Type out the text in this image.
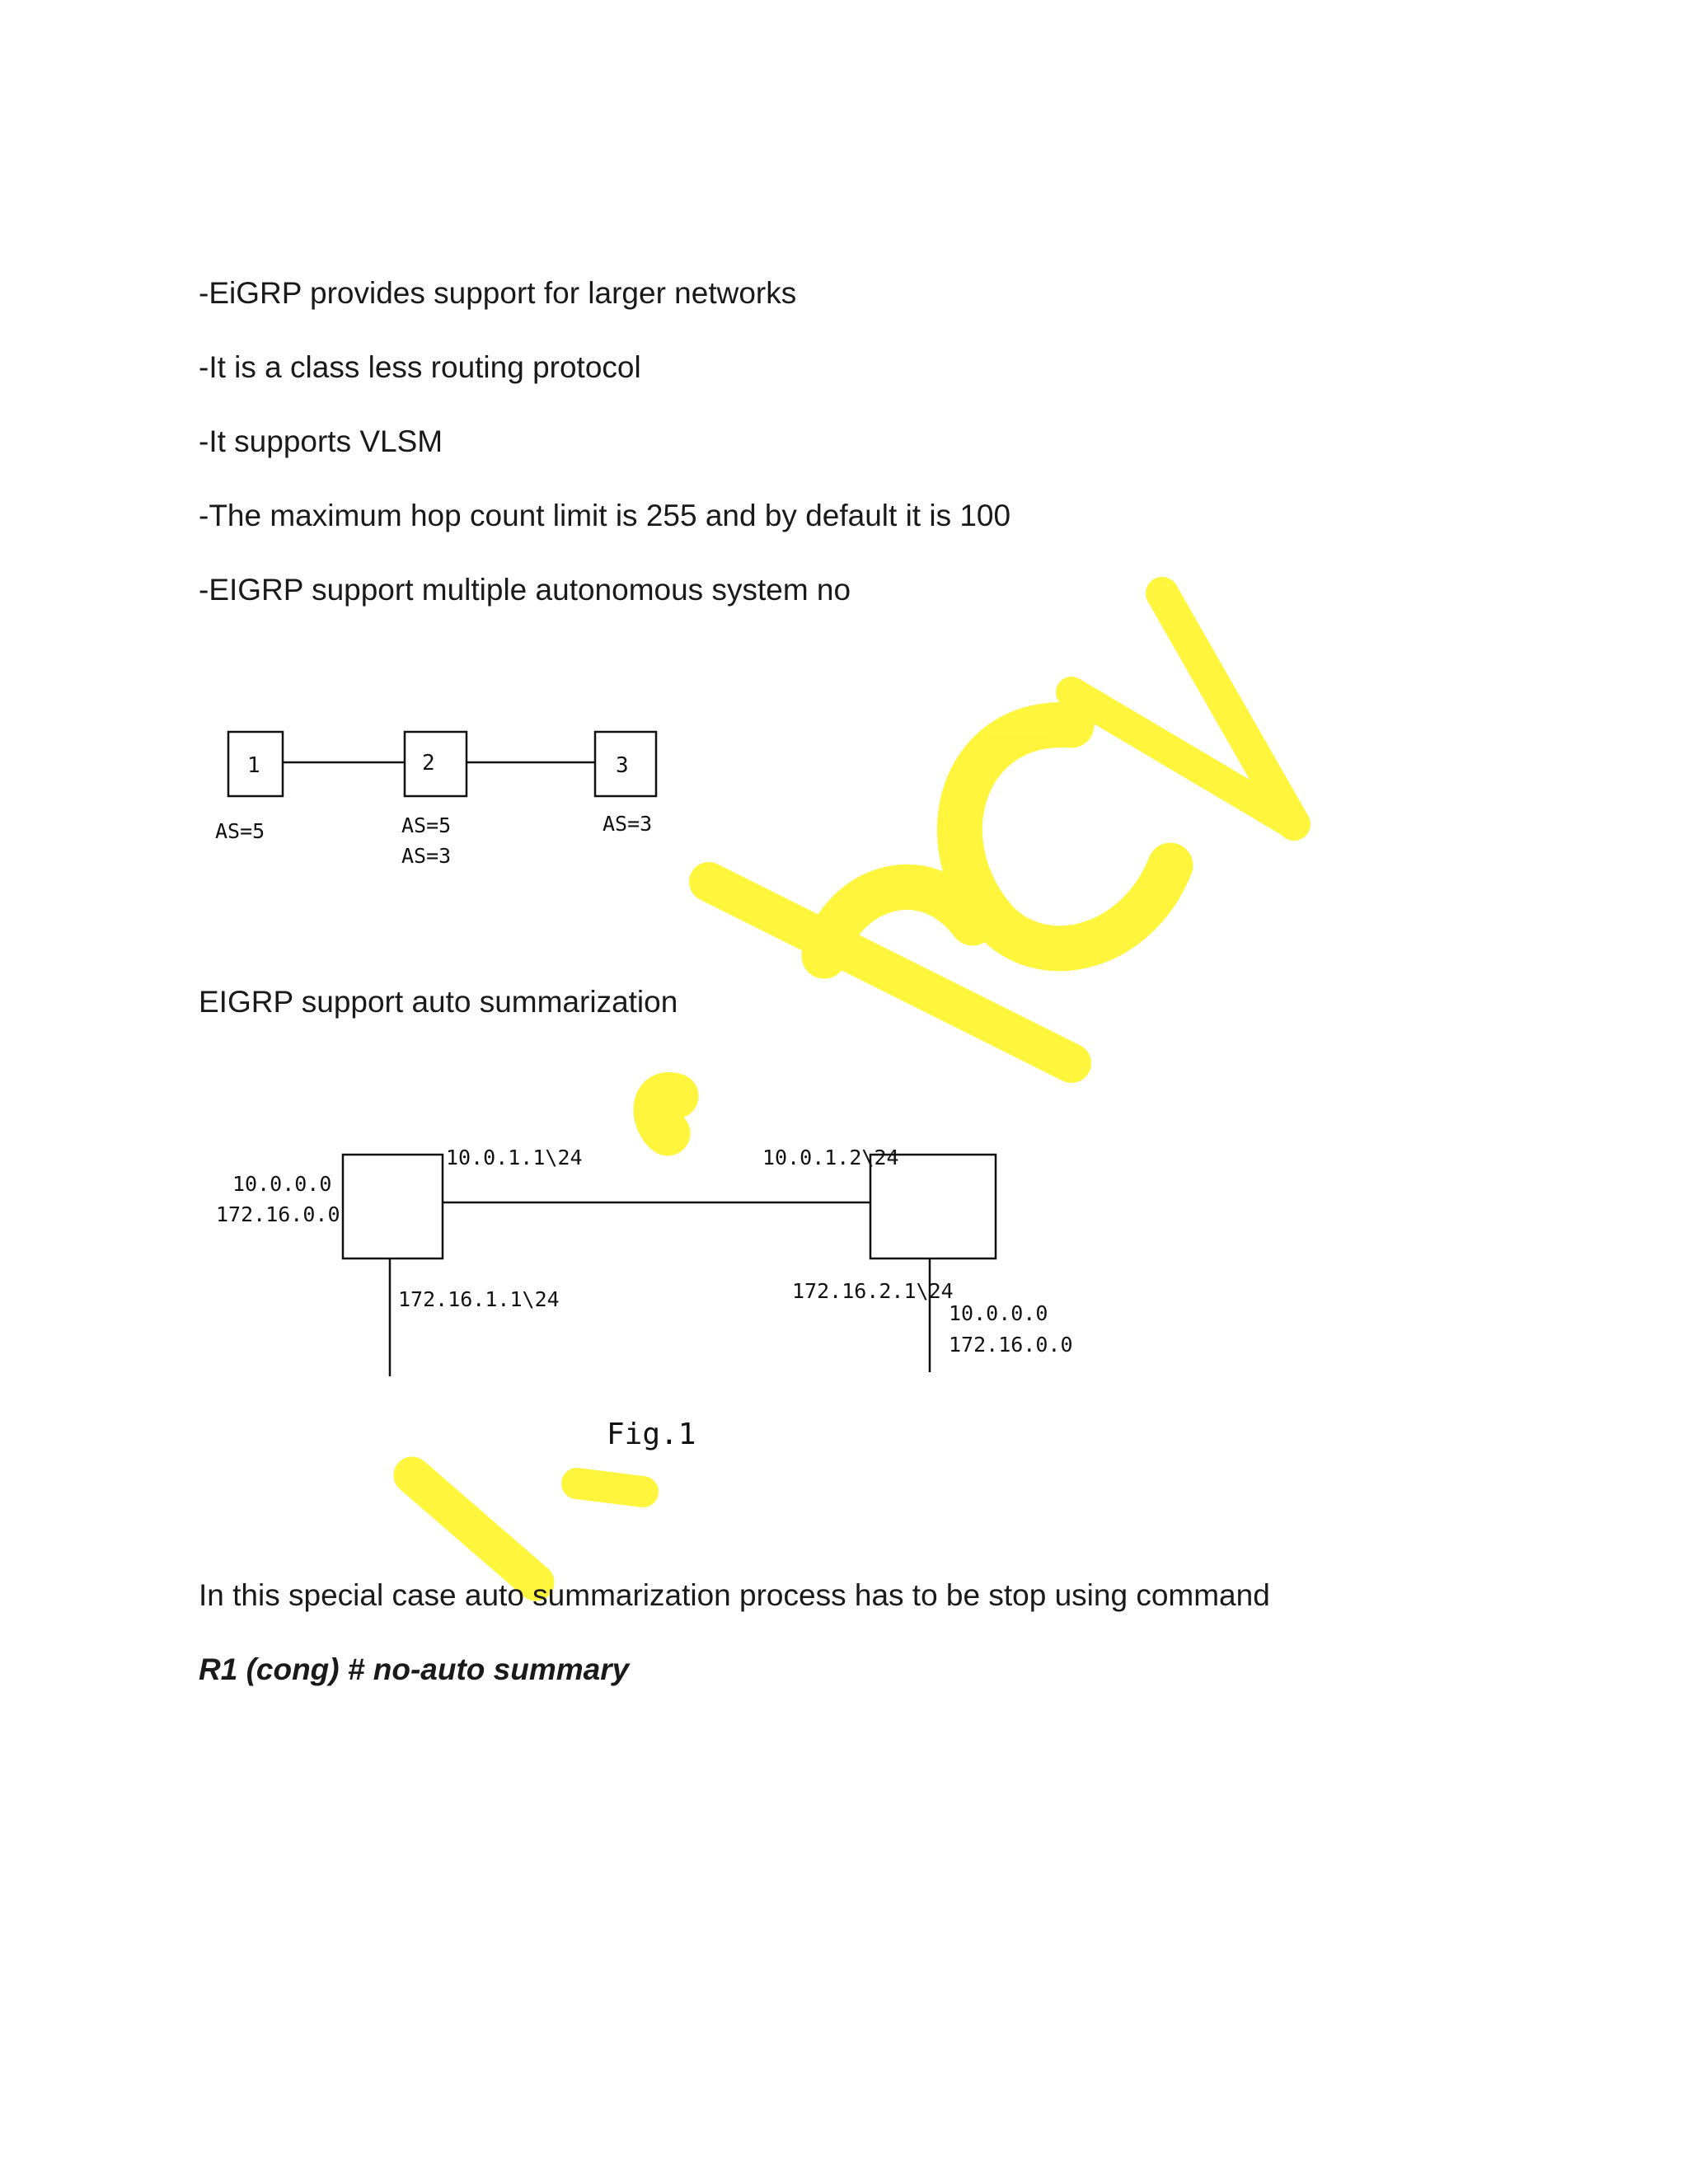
-EiGRP provides support for larger networks
-It is a class less routing protocol
-It supports VLSM
-The maximum hop count limit is 255 and by default it is 100
-EIGRP support multiple autonomous system no
1	2	3
AS=5	AS=5
AS=3
AS=3
EIGRP support auto summarization
10.0.0.0
172.16.0.0
10.0.1.1\24	10.0.1.2\24
172.16.1.1\24	172.16.2.1\24
10.0.0.0
172.16.0.0
Fig.1
In this special case auto summarization process has to be stop using command
R1 (cong) # no-auto summary
